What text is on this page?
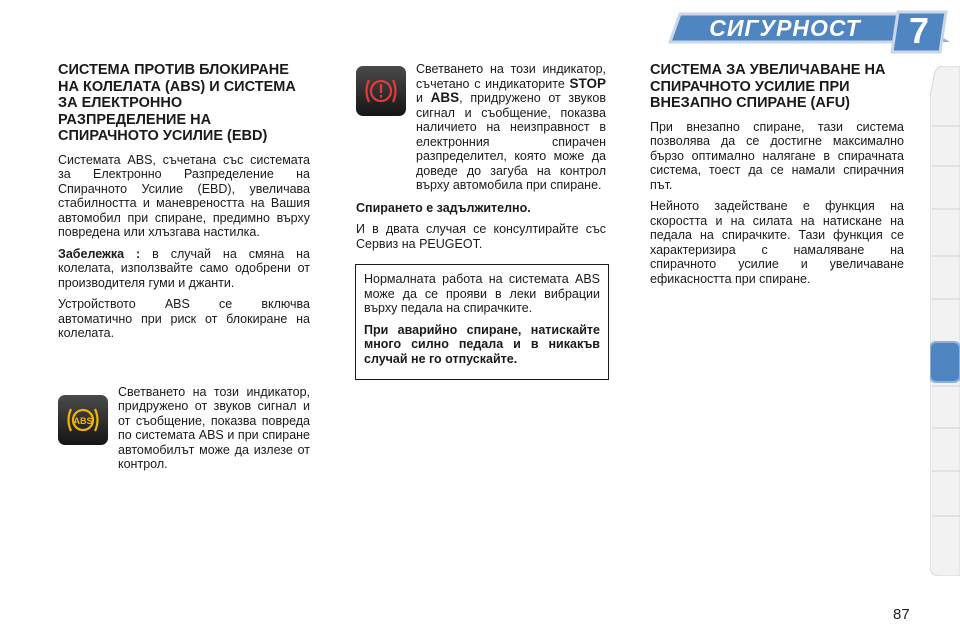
СИГУРНОСТ	7
СИСТЕМА ПРОТИВ БЛОКИРАНЕ НА КОЛЕЛАТА (ABS) И СИСТЕМА ЗА ЕЛЕКТРОННО РАЗПРЕДЕЛЕНИЕ НА СПИРАЧНОТО УСИЛИЕ (EBD)

Системата ABS, съчетана със системата за Електронно Разпределение на Спирачното Усилие (EBD), увеличава стабилността и маневреността на Вашия автомобил при спиране, предимно върху повредена или хлъзгава настилка.

Забележка : в случай на смяна на колелата, използвайте само одобрени от производителя гуми и джанти.

Устройството ABS се включва автоматично при риск от блокиране на колелата.

ABS

Светването на този индикатор, придружено от звуков сигнал и от съобщение, показва повреда по системата ABS и при спиране автомобилът може да излезе от контрол.

Светването на този индикатор, съчетано с индикаторите STOP и ABS, придружено от звуков сигнал и съобщение, показва наличието на неизправност в електронния спирачен разпределител, която може да доведе до загуба на контрол върху автомобила при спиране.

Спирането е задължително.

И в двата случая се консултирайте със Сервиз на PEUGEOT.

Нормалната работа на системата ABS може да се прояви в леки вибрации върху педала на спирачките.

При аварийно спиране, натискайте много силно педала и в никакъв случай не го отпускайте.

СИСТЕМА ЗА УВЕЛИЧАВАНЕ НА СПИРАЧНОТО УСИЛИЕ ПРИ ВНЕЗАПНО СПИРАНЕ (AFU)

При внезапно спиране, тази система позволява да се достигне максимално бързо оптимално налягане в спирачната система, тоест да се намали спирачния път.

Нейното задействане е функция на скоростта и на силата на натискане на педала на спирачките. Тази функция се характеризира с намаляване на спирачното усилие и увеличаване ефикасността при спиране.

87
